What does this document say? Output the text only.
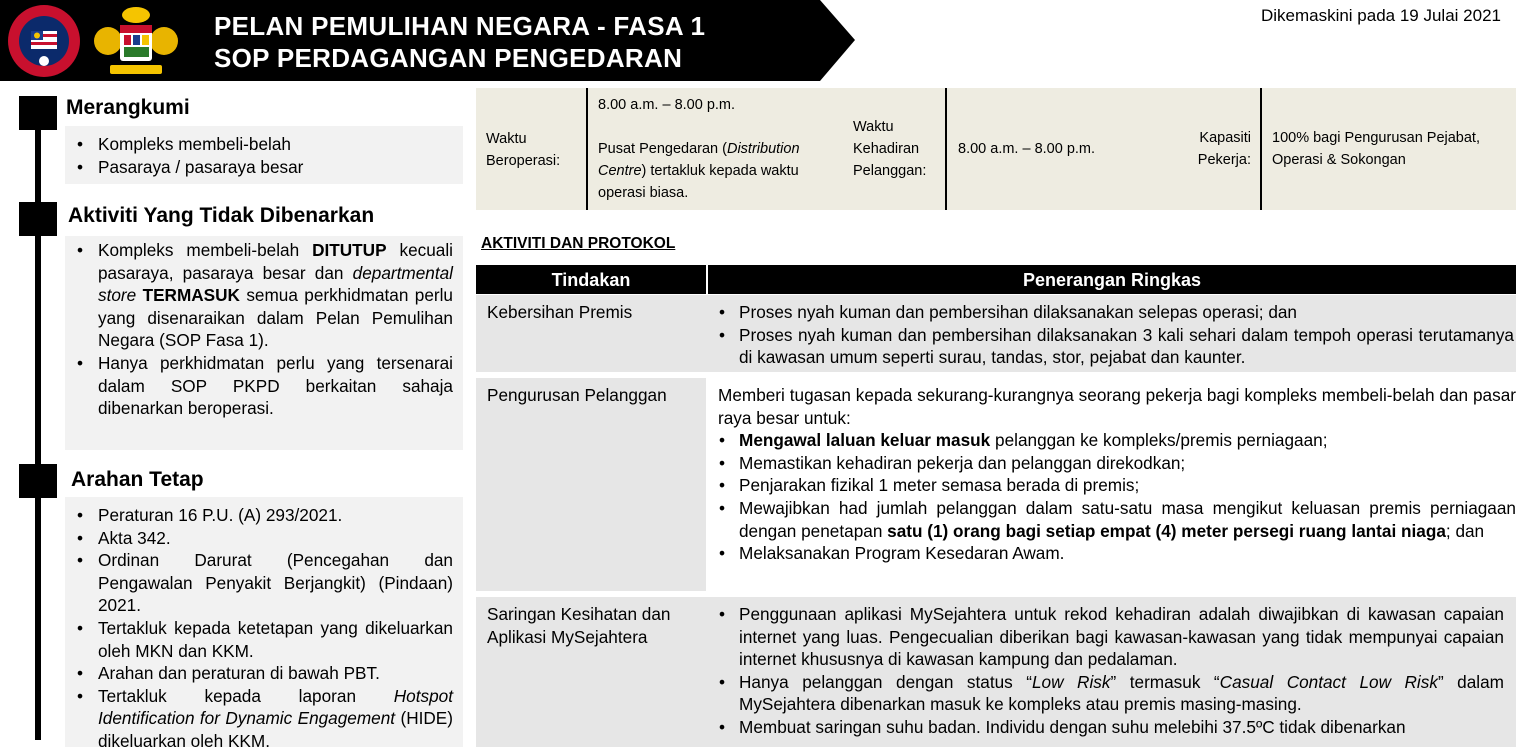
PELAN PEMULIHAN NEGARA - FASA 1
SOP PERDAGANGAN PENGEDARAN
Dikemaskini pada 19 Julai 2021
Merangkumi
• Kompleks membeli-belah
• Pasaraya / pasaraya besar
Aktiviti Yang Tidak Dibenarkan
• Kompleks membeli-belah DITUTUP kecuali pasaraya, pasaraya besar dan departmental store TERMASUK semua perkhidmatan perlu yang disenaraikan dalam Pelan Pemulihan Negara (SOP Fasa 1).
• Hanya perkhidmatan perlu yang tersenarai dalam SOP PKPD berkaitan sahaja dibenarkan beroperasi.
Arahan Tetap
• Peraturan 16 P.U. (A) 293/2021.
• Akta 342.
• Ordinan Darurat (Pencegahan dan Pengawalan Penyakit Berjangkit) (Pindaan) 2021.
• Tertakluk kepada ketetapan yang dikeluarkan oleh MKN dan KKM.
• Arahan dan peraturan di bawah PBT.
• Tertakluk kepada laporan Hotspot Identification for Dynamic Engagement (HIDE) dikeluarkan oleh KKM.
Waktu Beroperasi:
8.00 a.m. – 8.00 p.m.
Pusat Pengedaran (Distribution Centre) tertakluk kepada waktu operasi biasa.
Waktu Kehadiran Pelanggan:
8.00 a.m. – 8.00 p.m.
Kapasiti Pekerja:
100% bagi Pengurusan Pejabat, Operasi & Sokongan
AKTIVITI DAN PROTOKOL
Tindakan	Penerangan Ringkas
Kebersihan Premis
•	Proses nyah kuman dan pembersihan dilaksanakan selepas operasi; dan
• Proses nyah kuman dan pembersihan dilaksanakan 3 kali sehari dalam tempoh operasi terutamanya di kawasan umum seperti surau, tandas, stor, pejabat dan kaunter.
Pengurusan Pelanggan	Memberi tugasan kepada sekurang-kurangnya seorang pekerja bagi kompleks membeli-belah dan pasar raya besar untuk:

• Mengawal laluan keluar masuk pelanggan ke kompleks/premis perniagaan;
• Memastikan kehadiran pekerja dan pelanggan direkodkan;
• Penjarakan fizikal 1 meter semasa berada di premis;
• Mewajibkan had jumlah pelanggan dalam satu-satu masa mengikut keluasan premis perniagaan dengan penetapan satu (1) orang bagi setiap empat (4) meter persegi ruang lantai niaga; dan
• Melaksanakan Program Kesedaran Awam.
Saringan Kesihatan dan Aplikasi MySejahtera
• Penggunaan aplikasi MySejahtera untuk rekod kehadiran adalah diwajibkan di kawasan capaian internet yang luas. Pengecualian diberikan bagi kawasan-kawasan yang tidak mempunyai capaian internet khususnya di kawasan kampung dan pedalaman.
• Hanya pelanggan dengan status “Low Risk” termasuk “Casual Contact Low Risk” dalam MySejahtera dibenarkan masuk ke kompleks atau premis masing-masing.
• Membuat saringan suhu badan. Individu dengan suhu melebihi 37.5ºC tidak dibenarkan
